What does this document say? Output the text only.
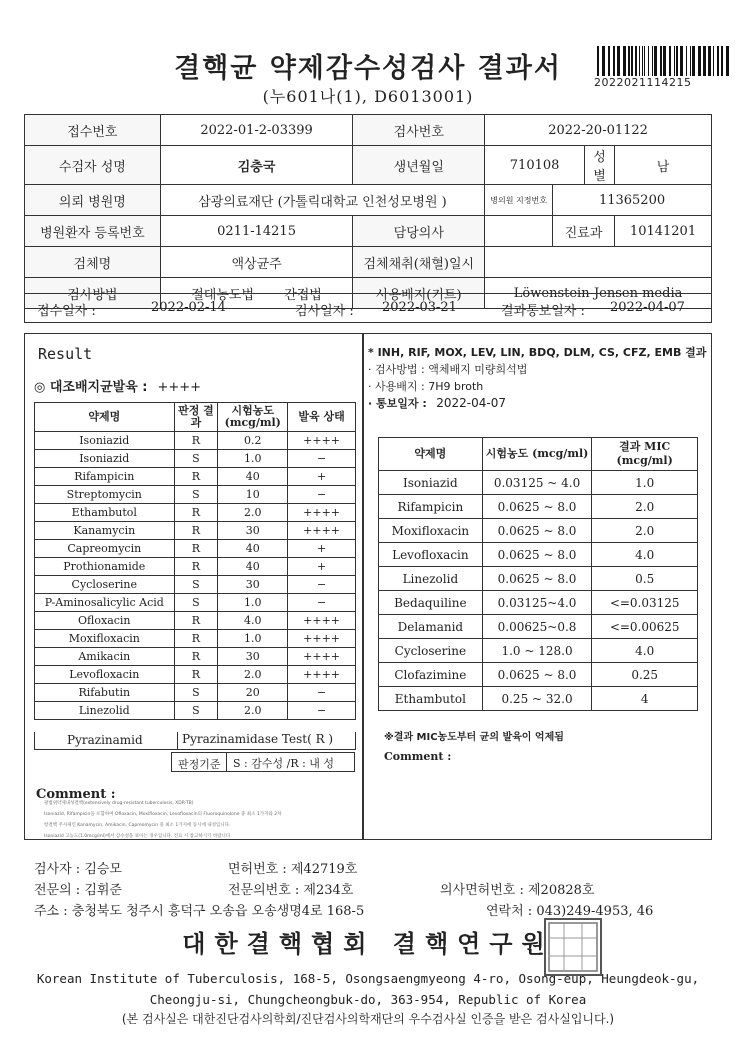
결핵균 약제감수성검사 결과서
(누601나(1), D6013001)
2022021114215
접수번호	2022-01-2-03399	검사번호	2022-20-01122			
수검자 성명	김충국	생년월일	710108		성별	남
의뢰 병원명	삼광의료재단 (가톨릭대학교 인천성모병원 )		병의원 지정번호	11365200		
병원환자 등록번호	0211-14215	담당의사		진료과		10141201
검체명	액상균주	검체채취(채혈)일시				
검사방법	절대농도법 간접법	사용배지(키트)	Löwenstein-Jensen media			
접수일자 :	2022-02-14	검사일자 : 2022-03-21	결과통보일자 : 2022-04-07
Result
◎ 대조배지균발육 : ++++
약제명	판정 결과	시험농도 (mcg/ml)	발육 상태
Isoniazid	R	0.2	++++
Isoniazid	S	1.0	−
Rifampicin	R	40	+
Streptomycin	S	10	−
Ethambutol	R	2.0	++++
Kanamycin	R	30	++++
Capreomycin	R	40	+
Prothionamide	R	40	+
Cycloserine	S	30	−
P-Aminosalicylic Acid	S	1.0	−
Ofloxacin	R	4.0	++++
Moxifloxacin	R	1.0	++++
Amikacin	R	30	++++
Levofloxacin	R	2.0	++++
Rifabutin	S	20	−
Linezolid	S	2.0	−
Pyrazinamid	Pyrazinamidase Test( R )
판정기준	S : 감수성 /R : 내 성
Comment :
광범위약제내성결핵(extensively drug-resistant tuberculosis, XDR-TB)
Isoniazid, Rifampicin을 포함하여 Ofloxacin, Moxifloxacin, Levofloxacin의 Fluoroquinolone 중 최소 1가지와 2차
항결핵 주사제인 Kanamycin, Amikacin, Capreomycin 중 최소 1가지에 동시에 내성입니다.
Isoniazid 고농도(1.0mcg/ml)에서 감수성을 보이는 경우입니다. 진료 시 참고하시기 바랍니다.
* INH, RIF, MOX, LEV, LIN, BDQ, DLM, CS, CFZ, EMB 결과
· 검사방법 : 액체배지 미량희석법
· 사용배지 : 7H9 broth
· 통보일자 : 2022-04-07
약제명	시험농도 (mcg/ml)	결과 MIC (mcg/ml)
Isoniazid	0.03125 ~ 4.0	1.0
Rifampicin	0.0625 ~ 8.0	2.0
Moxifloxacin	0.0625 ~ 8.0	2.0
Levofloxacin	0.0625 ~ 8.0	4.0
Linezolid	0.0625 ~ 8.0	0.5
Bedaquiline	0.03125~4.0	<=0.03125
Delamanid	0.00625~0.8	<=0.00625
Cycloserine	1.0 ~ 128.0	4.0
Clofazimine	0.0625 ~ 8.0	0.25
Ethambutol	0.25 ~ 32.0	4
※결과 MIC농도부터 균의 발육이 억제됨
Comment :
검사자 : 김승모	면허번호 : 제42719호
전문의 : 김휘준	전문의번호 : 제234호	의사면허번호 : 제20828호
주소 : 충청북도 청주시 흥덕구 오송읍 오송생명4로 168-5	연락처 : 043)249-4953, 46
대한결핵협회 결핵연구원
Korean Institute of Tuberculosis, 168-5, Osongsaengmyeong 4-ro, Osong-eup, Heungdeok-gu,
Cheongju-si, Chungcheongbuk-do, 363-954, Republic of Korea
(본 검사실은 대한진단검사의학회/진단검사의학재단의 우수검사실 인증을 받은 검사실입니다.)
